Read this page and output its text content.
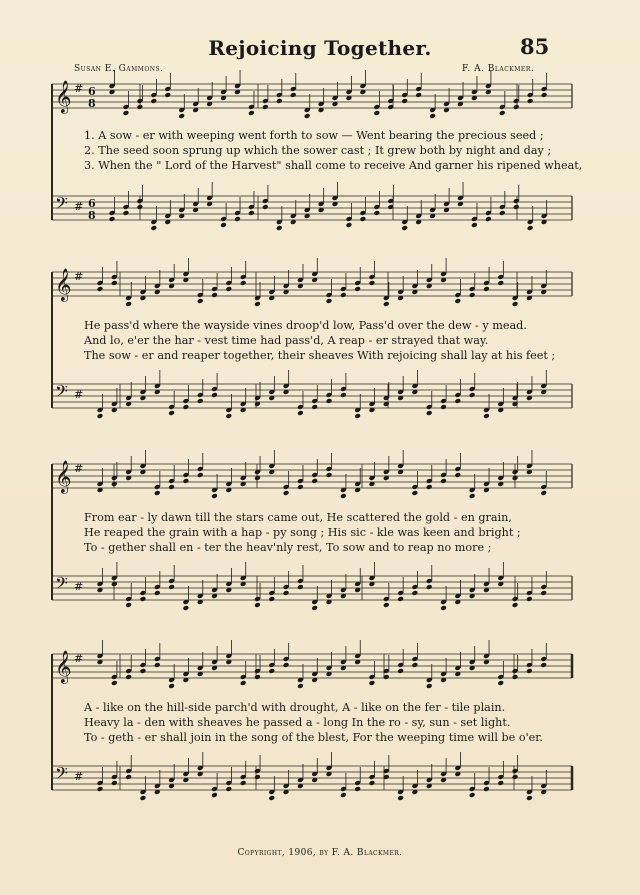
Rejoicing Together.	85
Susan E. Gammons.	F. A. Blackmer.
𝄞 # 6
8
𝄢 # 6
8
𝄞 #
𝄢 #
𝄞 #
𝄢 #
𝄞 #
𝄢 #
1. A sow - er with weeping went forth to sow — Went bearing the precious seed ;
2. The seed soon sprung up which the sower cast ; It grew both by night and day ;
3. When the " Lord of the Harvest" shall come to receive And garner his ripened wheat,
He pass'd where the wayside vines droop'd low, Pass'd over the dew - y mead.
And lo, e'er the har - vest time had pass'd, A reap - er strayed that way.
The sow - er and reaper together, their sheaves With rejoicing shall lay at his feet ;
From ear - ly dawn till the stars came out, He scattered the gold - en grain,
He reaped the grain with a hap - py song ; His sic - kle was keen and bright ;
To - gether shall en - ter the heav'nly rest, To sow and to reap no more ;
A - like on the hill-side parch'd with drought, A - like on the fer - tile plain.
Heavy la - den with sheaves he passed a - long In the ro - sy, sun - set light.
To - geth - er shall join in the song of the blest, For the weeping time will be o'er.
Copyright, 1906, by F. A. Blackmer.
